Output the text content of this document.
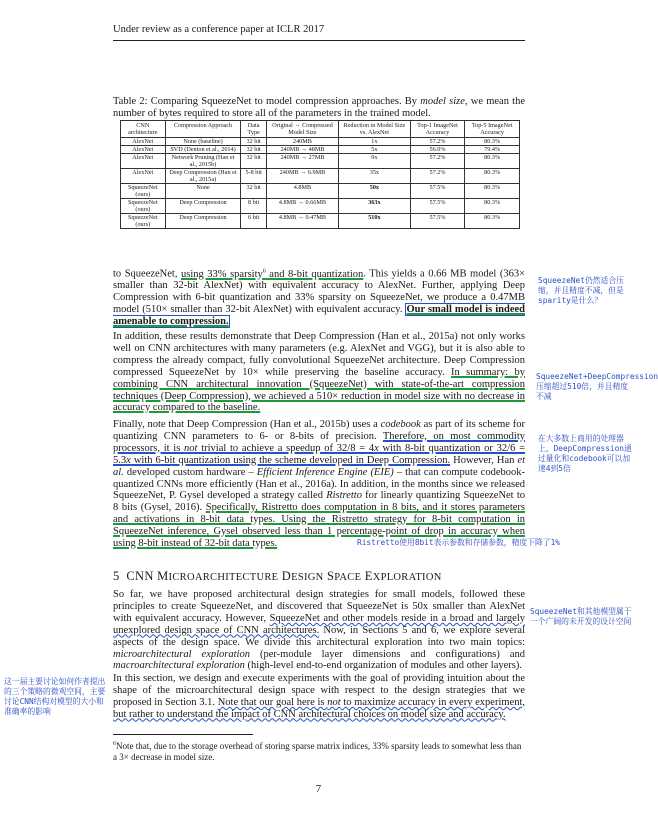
Under review as a conference paper at ICLR 2017
Table 2: Comparing SqueezeNet to model compression approaches. By model size, we mean the number of bytes required to store all of the parameters in the trained model.
CNN architecture	Compression Approach	Data Type	Original → Compressed Model Size	Reduction in Model Size vs. AlexNet	Top-1 ImageNet Accuracy	Top-5 ImageNet Accuracy
AlexNet	None (baseline)	32 bit	240MB	1x	57.2%	80.3%
AlexNet	SVD (Denton et al., 2014)	32 bit	240MB → 48MB	5x	56.0%	79.4%
AlexNet	Network Pruning (Han et al., 2015b)	32 bit	240MB → 27MB	9x	57.2%	80.3%
AlexNet	Deep Compression (Han et al., 2015a)	5-8 bit	240MB → 6.9MB	35x	57.2%	80.3%
SqueezeNet (ours)	None	32 bit	4.8MB	50x	57.5%	80.3%
SqueezeNet (ours)	Deep Compression	8 bit	4.8MB → 0.66MB	363x	57.5%	80.3%
SqueezeNet (ours)	Deep Compression	6 bit	4.8MB → 0.47MB	510x	57.5%	80.3%
to SqueezeNet, using 33% sparsity$^6$ and 8-bit quantization. This yields a 0.66 MB model (363× smaller than 32-bit AlexNet) with equivalent accuracy to AlexNet. Further, applying Deep Compression with 6-bit quantization and 33% sparsity on SqueezeNet, we produce a 0.47MB model (510× smaller than 32-bit AlexNet) with equivalent accuracy. Our small model is indeed amenable to compression.
In addition, these results demonstrate that Deep Compression (Han et al., 2015a) not only works well on CNN architectures with many parameters (e.g. AlexNet and VGG), but it is also able to compress the already compact, fully convolutional SqueezeNet architecture. Deep Compression compressed SqueezeNet by 10× while preserving the baseline accuracy. In summary: by combining CNN architectural innovation (SqueezeNet) with state-of-the-art compression techniques (Deep Compression), we achieved a 510× reduction in model size with no decrease in accuracy compared to the baseline.
Finally, note that Deep Compression (Han et al., 2015b) uses a codebook as part of its scheme for quantizing CNN parameters to 6- or 8-bits of precision. Therefore, on most commodity processors, it is not trivial to achieve a speedup of 32/8 = 4x with 8-bit quantization or 32/6 = 5.3x with 6-bit quantization using the scheme developed in Deep Compression. However, Han et al. developed custom hardware – Efficient Inference Engine (EIE) – that can compute codebook-quantized CNNs more efficiently (Han et al., 2016a). In addition, in the months since we released SqueezeNet, P. Gysel developed a strategy called Ristretto for linearly quantizing SqueezeNet to 8 bits (Gysel, 2016). Specifically, Ristretto does computation in 8 bits, and it stores parameters and activations in 8-bit data types. Using the Ristretto strategy for 8-bit computation in SqueezeNet inference, Gysel observed less than 1 percentage-point of drop in accuracy when using 8-bit instead of 32-bit data types.
5  CNN MICROARCHITECTURE DESIGN SPACE EXPLORATION
So far, we have proposed architectural design strategies for small models, followed these principles to create SqueezeNet, and discovered that SqueezeNet is 50x smaller than AlexNet with equivalent accuracy. However, SqueezeNet and other models reside in a broad and largely unexplored design space of CNN architectures. Now, in Sections 5 and 6, we explore several aspects of the design space. We divide this architectural exploration into two main topics: microarchitectural exploration (per-module layer dimensions and configurations) and macroarchitectural exploration (high-level end-to-end organization of modules and other layers).
In this section, we design and execute experiments with the goal of providing intuition about the shape of the microarchitectural design space with respect to the design strategies that we proposed in Section 3.1. Note that our goal here is not to maximize accuracy in every experiment, but rather to understand the impact of CNN architectural choices on model size and accuracy.
SqueezeNet仍然适合压缩，并且精度不减，但是sparity是什么？
SqueezeNet+DeepCompression压缩超过510倍，并且精度不减
在大多数上商用的处理器上，DeepCompression通过量化和codebook可以加速4到5倍
Ristretto使用8bit表示参数和存储参数，精度下降了1%
SqueezeNet和其他模型属于一个广阔的未开发的设计空间
这一届主要讨论如何作者提出的三个策略的微观空间，主要讨论CNN结构对模型的大小和准确率的影响
$^6$Note that, due to the storage overhead of storing sparse matrix indices, 33% sparsity leads to somewhat less than a 3× decrease in model size.
7
